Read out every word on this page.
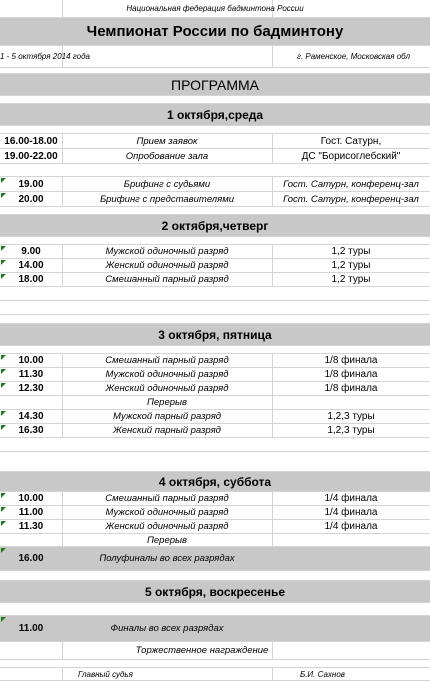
Национальная федерация бадминтона России
Чемпионат России по бадминтону
1 - 5 октября 2014 года	г. Раменское, Московская обл
ПРОГРАММА
1 октября,среда
16.00-18.00	Прием заявок	Гост. Сатурн,
19.00-22.00	Опробование зала	ДС "Борисоглебский"
19.00	Брифинг с судьями	Гост. Сатурн, конференц-зал
20.00	Брифинг с представителями	Гост. Сатурн, конференц-зал
2 октября,четверг
9.00	Мужской одиночный разряд	1,2 туры
14.00	Женский одиночный разряд	1,2 туры
18.00	Смешанный парный разряд	1,2 туры
3 октября, пятница
10.00	Смешанный парный разряд	1/8 финала
11.30	Мужской одиночный разряд	1/8 финала
12.30	Женский одиночный разряд	1/8 финала
Перерыв
14.30	Мужской парный разряд	1,2,3 туры
16.30	Женский парный разряд	1,2,3 туры
4 октября, суббота
10.00	Смешанный парный разряд	1/4 финала
11.00	Мужской одиночный разряд	1/4 финала
11.30	Женский одиночный разряд	1/4 финала
Перерыв
16.00	Полуфиналы во всех разрядах
5 октября, воскресенье
11.00	Финалы во всех разрядах
Торжественное награждение
Главный судья	Б.И. Сахнов
